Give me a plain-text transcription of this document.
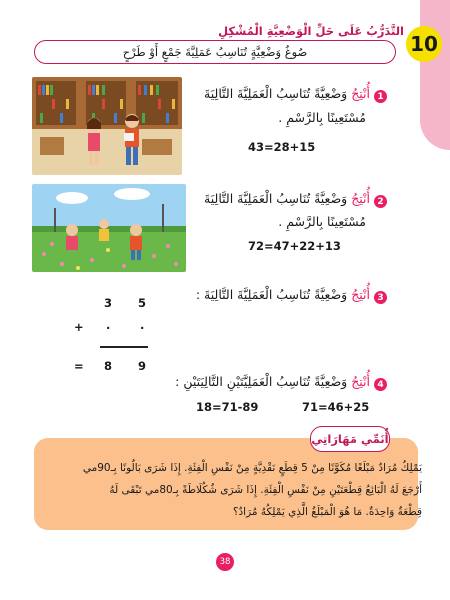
10
التَّدَرُّبُ عَلَى حَلِّ الْوَضْعِيَّةِ الْمُشْكِلِ
صُوغُ وَضْعِيَّةٍ تُنَاسِبُ عَمَلِيَّةَ جَمْعٍ أَوْ طَرْحٍ
1
أُنْتِجُ وَضْعِيَّةً تُنَاسِبُ الْعَمَلِيَّةَ التَّالِيَةَ
مُسْتَعِينًا بِالرَّسْمِ .
43=28+15
2
أُنْتِجُ وَضْعِيَّةً تُنَاسِبُ الْعَمَلِيَّةَ التَّالِيَةَ
مُسْتَعِينًا بِالرَّسْمِ .
72=47+22+13
3
أُنْتِجُ وَضْعِيَّةً تُنَاسِبُ الْعَمَلِيَّةَ التَّالِيَةَ :
3 5
+ .	.
= 8 9
4
أُنْتِجُ وَضْعِيَّةً تُنَاسِبُ الْعَمَلِيَّتَيْنِ التَّالِيَتَيْنِ :
71=46+25
18=71-89
أُنَمِّي مَهَارَاتِي
يَمْلِكُ مُرَادٌ مَبْلَغًا مُكَوَّنًا مِنْ 5 قِطَعٍ نَقْدِيَّةٍ مِنْ نَفْسِ الْفِئَةِ. إِذَا شَرَى بَالُونًا بِـ90مي
أَرْجَعَ لَهُ الْبَائِعُ قِطْعَتَيْنِ مِنْ نَفْسِ الْفِئَةِ. إِذَا شَرَى شُكُلَاطَةً بِـ80مي تَبْقَى لَهُ
قِطْعَةٌ وَاحِدَةٌ. مَا هُوَ الْمَبْلَغُ الَّذِي يَمْلِكُهُ مُرَادٌ؟
38
